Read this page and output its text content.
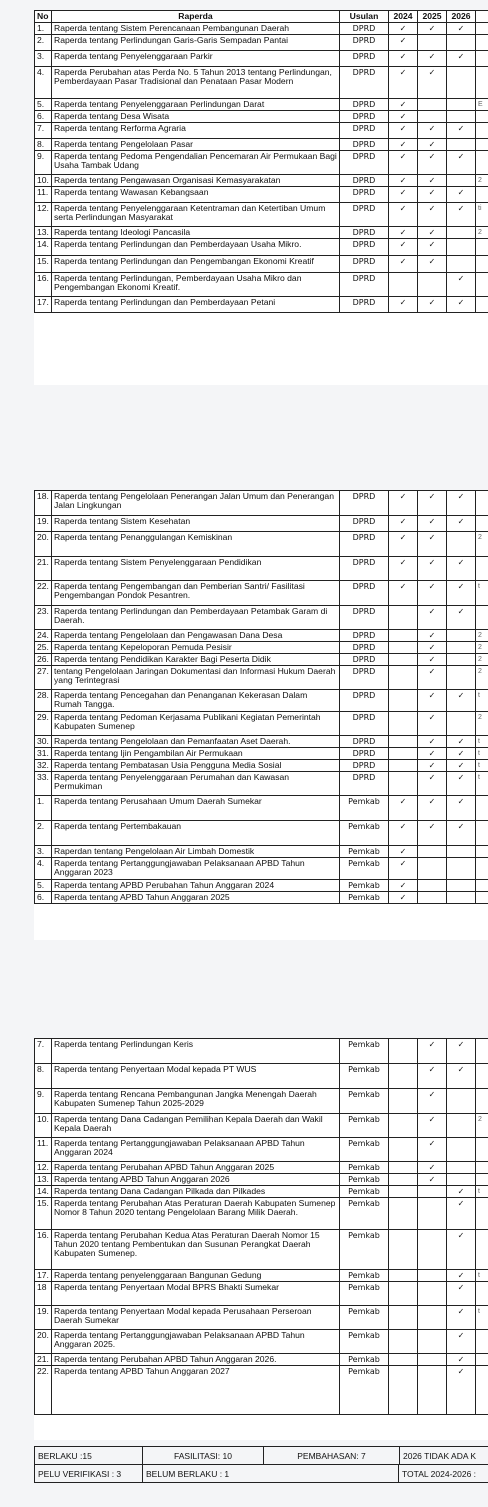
No	Raperda	Usulan	2024	2025	2026	
1.	Raperda tentang Sistem Perencanaan Pembangunan Daerah	DPRD	✓	✓	✓	
2.	Raperda tentang Perlindungan Garis-Garis Sempadan Pantai	DPRD	✓			
3.	Raperda tentang Penyelenggaraan Parkir	DPRD	✓	✓	✓	
4.	Raperda Perubahan atas Perda No. 5 Tahun 2013 tentang Perlindungan, Pemberdayaan Pasar Tradisional dan Penataan Pasar Modern	DPRD	✓	✓		
5.	Raperda tentang Penyelenggaraan Perlindungan Darat	DPRD	✓			E
6.	Raperda tentang Desa Wisata	DPRD	✓			
7.	Raperda tentang Rerforma Agraria	DPRD	✓	✓	✓	
8.	Raperda tentang Pengelolaan Pasar	DPRD	✓	✓		
9.	Raperda tentang Pedoma Pengendalian Pencemaran Air Permukaan Bagi Usaha Tambak Udang	DPRD	✓	✓	✓	
10.	Raperda tentang Pengawasan Organisasi Kemasyarakatan	DPRD	✓	✓		2
11.	Raperda tentang Wawasan Kebangsaan	DPRD	✓	✓	✓	
12.	Raperda tentang Penyelenggaraan Ketentraman dan Ketertiban Umum serta Perlindungan Masyarakat	DPRD	✓	✓	✓	ti
13.	Raperda tentang Ideologi Pancasila	DPRD	✓	✓		2
14.	Raperda tentang Perlindungan dan Pemberdayaan Usaha Mikro.	DPRD	✓	✓		
15.	Raperda tentang Perlindungan dan Pengembangan Ekonomi Kreatif	DPRD	✓	✓		
16.	Raperda tentang Perlindungan, Pemberdayaan Usaha Mikro dan Pengembangan Ekonomi Kreatif.	DPRD			✓	
17.	Raperda tentang Perlindungan dan Pemberdayaan Petani	DPRD	✓	✓	✓	
18.	Raperda tentang Pengelolaan Penerangan Jalan Umum dan Penerangan Jalan Lingkungan	DPRD	✓	✓	✓	
19.	Raperda tentang Sistem Kesehatan	DPRD	✓	✓	✓	
20.	Raperda tentang Penanggulangan Kemiskinan	DPRD	✓	✓		2
21.	Raperda tentang Sistem Penyelenggaraan Pendidikan	DPRD	✓	✓	✓	
22.	Raperda tentang Pengembangan dan Pemberian Santri/ Fasilitasi Pengembangan Pondok Pesantren.	DPRD	✓	✓	✓	t
23.	Raperda tentang Perlindungan dan Pemberdayaan Petambak Garam di Daerah.	DPRD		✓	✓	
24.	Raperda tentang Pengelolaan dan Pengawasan Dana Desa	DPRD		✓		2
25.	Raperda tentang Kepeloporan Pemuda Pesisir	DPRD		✓		2
26.	Raperda tentang Pendidikan Karakter Bagi Peserta Didik	DPRD		✓		2
27.	tentang Pengelolaan Jaringan Dokumentasi dan Informasi Hukum Daerah yang Terintegrasi	DPRD		✓		2
28.	Raperda tentang Pencegahan dan Penanganan Kekerasan Dalam Rumah Tangga.	DPRD		✓	✓	t
29.	Raperda tentang Pedoman Kerjasama Publikani Kegiatan Pemerintah Kabupaten Sumenep	DPRD		✓		2
30.	Raperda tentang Pengelolaan dan Pemanfaatan Aset Daerah.	DPRD		✓	✓	t
31.	Raperda tentang Ijin Pengambilan Air Permukaan	DPRD		✓	✓	t
32.	Raperda tentang Pembatasan Usia Pengguna Media Sosial	DPRD		✓	✓	t
33.	Raperda tentang Penyelenggaraan Perumahan dan Kawasan Permukiman	DPRD		✓	✓	t
1.	Raperda tentang Perusahaan Umum Daerah Sumekar	Pemkab	✓	✓	✓	
2.	Raperda tentang Pertembakauan	Pemkab	✓	✓	✓	
3.	Raperdan tentang Pengelolaan Air Limbah Domestik	Pemkab	✓			
4.	Raperda tentang Pertanggungjawaban Pelaksanaan APBD Tahun Anggaran 2023	Pemkab	✓			
5.	Raperda tentang APBD Perubahan Tahun Anggaran 2024	Pemkab	✓			
6.	Raperda tentang APBD Tahun Anggaran 2025	Pemkab	✓			
7.	Raperda tentang Perlindungan Keris	Pemkab		✓	✓	
8.	Raperda tentang Penyertaan Modal kepada PT WUS	Pemkab		✓	✓	
9.	Raperda tentang Rencana Pembangunan Jangka Menengah Daerah Kabupaten Sumenep Tahun 2025-2029	Pemkab		✓		
10.	Raperda tentang Dana Cadangan Pemilihan Kepala Daerah dan Wakil Kepala Daerah	Pemkab		✓		2
11.	Raperda tentang Pertanggungjawaban Pelaksanaan APBD Tahun Anggaran 2024	Pemkab		✓		
12.	Raperda tentang Perubahan APBD Tahun Anggaran 2025	Pemkab		✓		
13.	Raperda tentang APBD Tahun Anggaran 2026	Pemkab		✓		
14.	Raperda tentang Dana Cadangan Pilkada dan Pilkades	Pemkab			✓	t
15.	Raperda tentang Perubahan Atas Peraturan Daerah Kabupaten Sumenep Nomor 8 Tahun 2020 tentang Pengelolaan Barang Milik Daerah.	Pemkab			✓	
16.	Raperda tentang Perubahan Kedua Atas Peraturan Daerah Nomor 15 Tahun 2020 tentang Pembentukan dan Susunan Perangkat Daerah Kabupaten Sumenep.	Pemkab			✓	
17.	Raperda tentang penyelenggaraan Bangunan Gedung	Pemkab			✓	t
18	Raperda tentang Penyertaan Modal BPRS Bhakti Sumekar	Pemkab			✓	
19.	Raperda tentang Penyertaan Modal kepada Perusahaan Perseroan Daerah Sumekar	Pemkab			✓	t
20.	Raperda tentang Pertanggungjawaban Pelaksanaan APBD Tahun Anggaran 2025.	Pemkab			✓	
21.	Raperda tentang Perubahan APBD Tahun Anggaran 2026.	Pemkab			✓	
22.	Raperda tentang APBD Tahun Anggaran 2027	Pemkab			✓	
BERLAKU :15	FASILITASI: 10	PEMBAHASAN: 7	2026 TIDAK ADA K
PELU VERIFIKASI : 3	BELUM BERLAKU : 1	TOTAL 2024-2026 :
